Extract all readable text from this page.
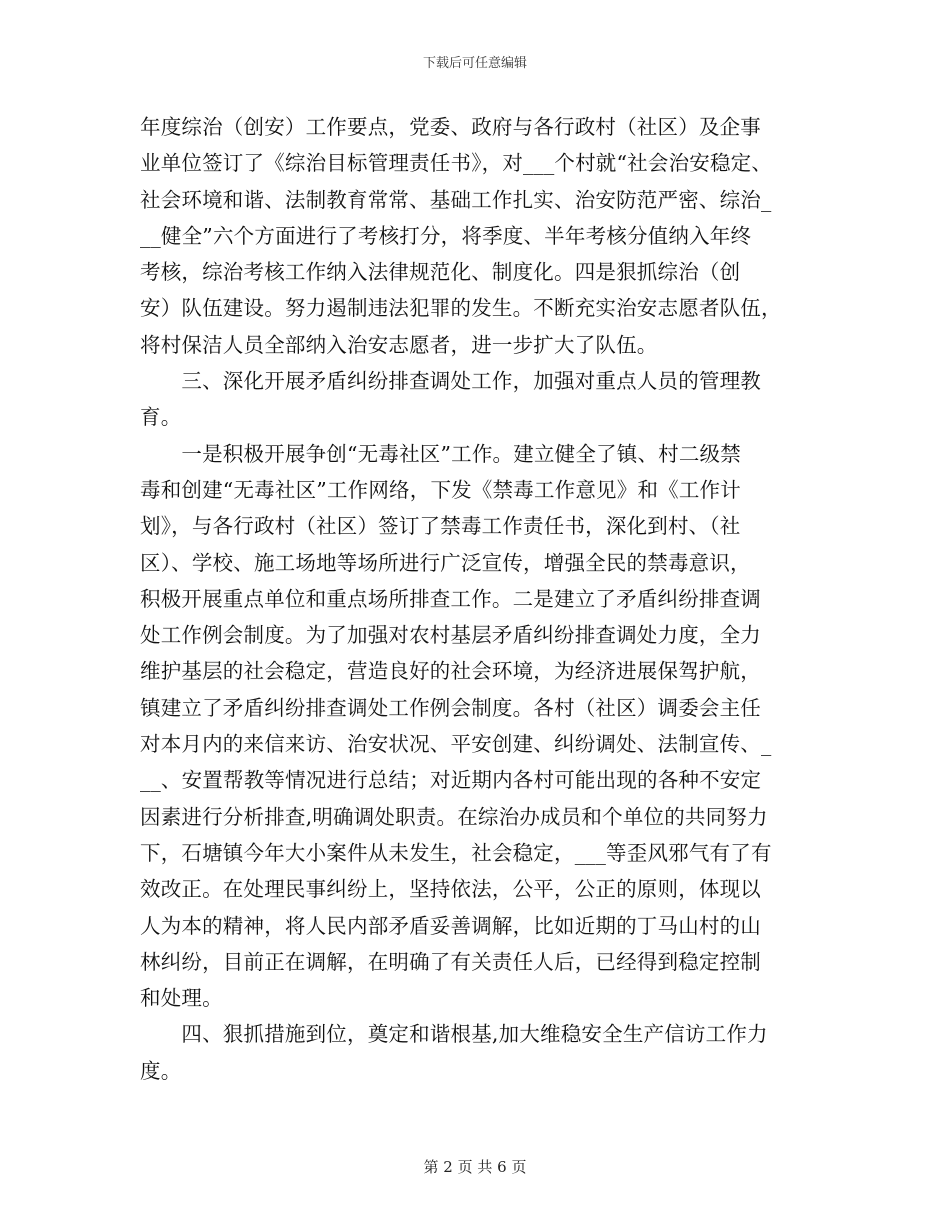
下载后可任意编辑
年度综治（创安）工作要点，党委、政府与各行政村（社区）及企事
业单位签订了《综治目标管理责任书》，对___个村就“社会治安稳定、
社会环境和谐、法制教育常常、基础工作扎实、治安防范严密、综治_
__健全”六个方面进行了考核打分，将季度、半年考核分值纳入年终
考核，综治考核工作纳入法律规范化、制度化。四是狠抓综治（创
安）队伍建设。努力遏制违法犯罪的发生。不断充实治安志愿者队伍，
将村保洁人员全部纳入治安志愿者，进一步扩大了队伍。
　　三、深化开展矛盾纠纷排查调处工作，加强对重点人员的管理教
育。
　　一是积极开展争创“无毒社区”工作。建立健全了镇、村二级禁
毒和创建“无毒社区”工作网络，下发《禁毒工作意见》和《工作计
划》，与各行政村（社区）签订了禁毒工作责任书，深化到村、（社
区）、学校、施工场地等场所进行广泛宣传，增强全民的禁毒意识，
积极开展重点单位和重点场所排查工作。二是建立了矛盾纠纷排查调
处工作例会制度。为了加强对农村基层矛盾纠纷排查调处力度，全力
维护基层的社会稳定，营造良好的社会环境，为经济进展保驾护航，
镇建立了矛盾纠纷排查调处工作例会制度。各村（社区）调委会主任
对本月内的来信来访、治安状况、平安创建、纠纷调处、法制宣传、_
__、安置帮教等情况进行总结；对近期内各村可能出现的各种不安定
因素进行分析排查,明确调处职责。在综治办成员和个单位的共同努力
下，石塘镇今年大小案件从未发生，社会稳定，___等歪风邪气有了有
效改正。在处理民事纠纷上，坚持依法，公平，公正的原则，体现以
人为本的精神，将人民内部矛盾妥善调解，比如近期的丁马山村的山
林纠纷，目前正在调解，在明确了有关责任人后，已经得到稳定控制
和处理。
　　四、狠抓措施到位，奠定和谐根基,加大维稳安全生产信访工作力
度。
第 2 页 共 6 页
